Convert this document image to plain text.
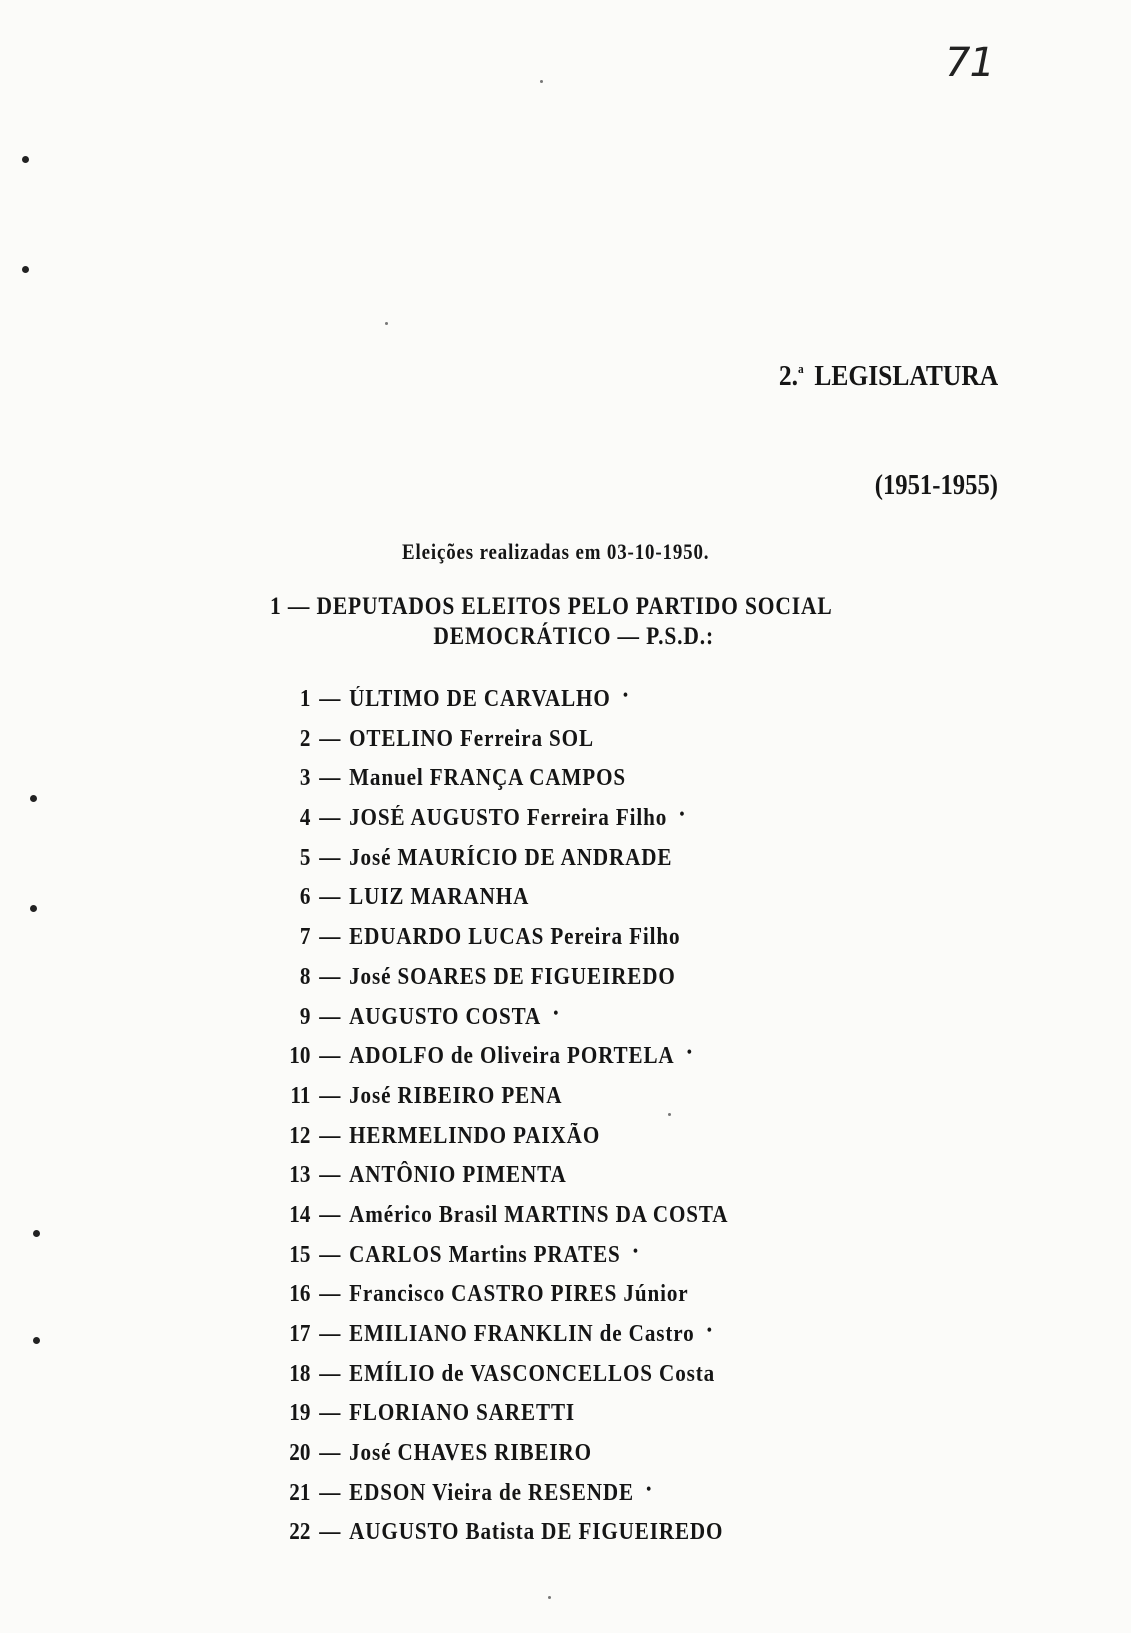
71
2.$^a$ LEGISLATURA
(1951-1955)
Eleições realizadas em 03-10-1950.
1 — DEPUTADOS ELEITOS PELO PARTIDO SOCIAL
DEMOCRÁTICO — P.S.D.:
1 — ÚLTIMO DE CARVALHO •
2 — OTELINO Ferreira SOL
3 — Manuel FRANÇA CAMPOS
4 — JOSÉ AUGUSTO Ferreira Filho •
5 — José MAURÍCIO DE ANDRADE
6 — LUIZ MARANHA
7 — EDUARDO LUCAS Pereira Filho
8 — José SOARES DE FIGUEIREDO
9 — AUGUSTO COSTA •
10 — ADOLFO de Oliveira PORTELA •
11 — José RIBEIRO PENA
12 — HERMELINDO PAIXÃO
13 — ANTÔNIO PIMENTA
14 — Américo Brasil MARTINS DA COSTA
15 — CARLOS Martins PRATES •
16 — Francisco CASTRO PIRES Júnior
17 — EMILIANO FRANKLIN de Castro •
18 — EMÍLIO de VASCONCELLOS Costa
19 — FLORIANO SARETTI
20 — José CHAVES RIBEIRO
21 — EDSON Vieira de RESENDE •
22 — AUGUSTO Batista DE FIGUEIREDO
